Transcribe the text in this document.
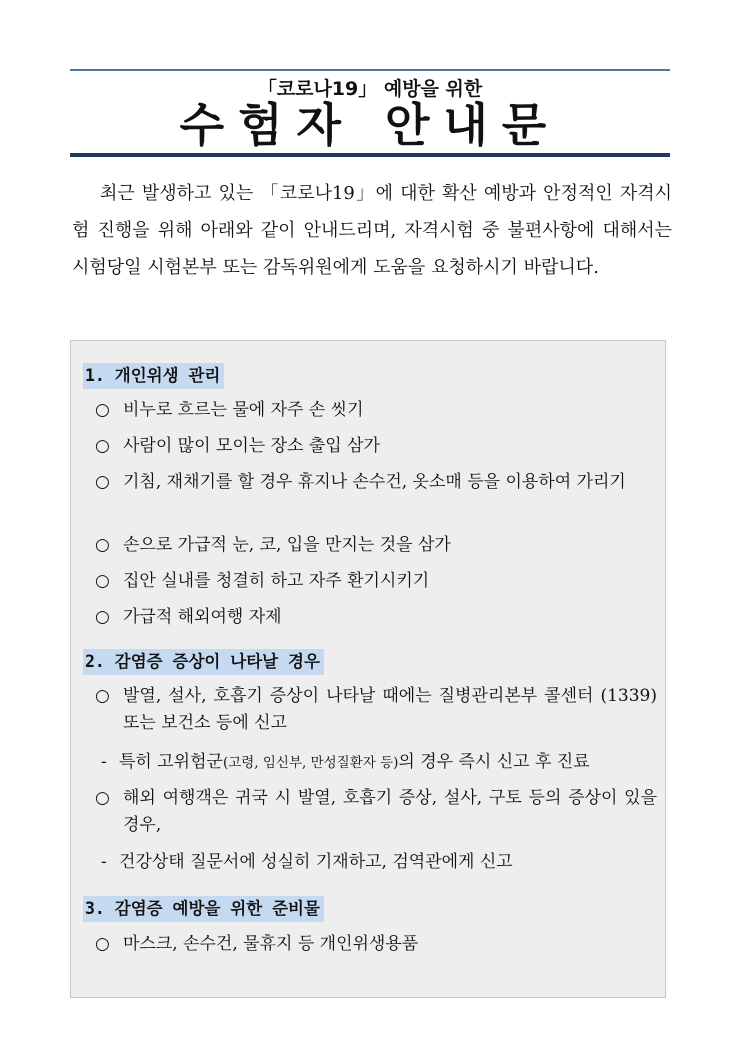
「코로나19」 예방을 위한
수험자 안내문
최근 발생하고 있는 「코로나19」에 대한 확산 예방과 안정적인 자격시험 진행을 위해 아래와 같이 안내드리며, 자격시험 중 불편사항에 대해서는 시험당일 시험본부 또는 감독위원에게 도움을 요청하시기 바랍니다.
1. 개인위생 관리
○ 비누로 흐르는 물에 자주 손 씻기
○ 사람이 많이 모이는 장소 출입 삼가
○ 기침, 재채기를 할 경우 휴지나 손수건, 옷소매 등을 이용하여 가리기
○ 손으로 가급적 눈, 코, 입을 만지는 것을 삼가
○ 집안 실내를 청결히 하고 자주 환기시키기
○ 가급적 해외여행 자제
2. 감염증 증상이 나타날 경우
○ 발열, 설사, 호흡기 증상이 나타날 때에는 질병관리본부 콜센터 (1339) 또는 보건소 등에 신고
- 특히 고위험군(고령, 임신부, 만성질환자 등)의 경우 즉시 신고 후 진료
○ 해외 여행객은 귀국 시 발열, 호흡기 증상, 설사, 구토 등의 증상이 있을 경우,
- 건강상태 질문서에 성실히 기재하고, 검역관에게 신고
3. 감염증 예방을 위한 준비물
○ 마스크, 손수건, 물휴지 등 개인위생용품
